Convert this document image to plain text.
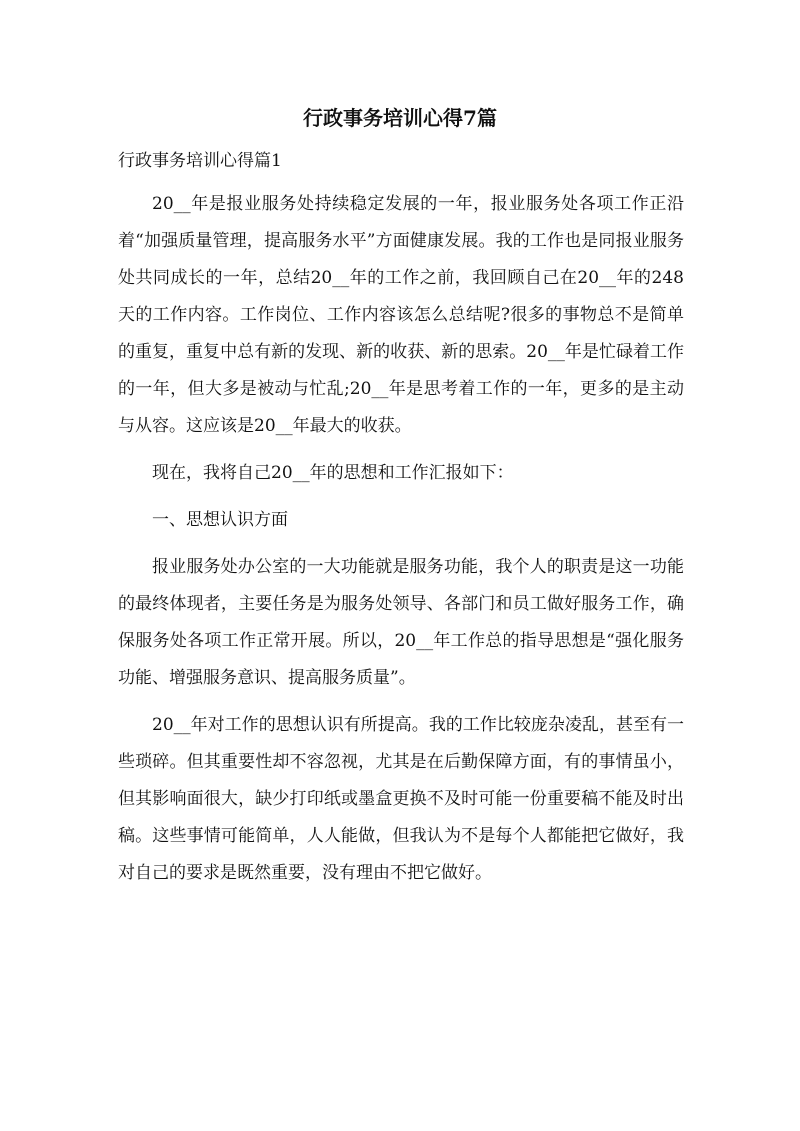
行政事务培训心得7篇

行政事务培训心得篇1

20__年是报业服务处持续稳定发展的一年，报业服务处各项工作正沿着“加强质量管理，提高服务水平”方面健康发展。我的工作也是同报业服务处共同成长的一年，总结20__年的工作之前，我回顾自己在20__年的248天的工作内容。工作岗位、工作内容该怎么总结呢?很多的事物总不是简单的重复，重复中总有新的发现、新的收获、新的思索。20__年是忙碌着工作的一年，但大多是被动与忙乱;20__年是思考着工作的一年，更多的是主动与从容。这应该是20__年最大的收获。

现在，我将自己20__年的思想和工作汇报如下：

一、思想认识方面

报业服务处办公室的一大功能就是服务功能，我个人的职责是这一功能的最终体现者，主要任务是为服务处领导、各部门和员工做好服务工作，确保服务处各项工作正常开展。所以，20__年工作总的指导思想是“强化服务功能、增强服务意识、提高服务质量”。

20__年对工作的思想认识有所提高。我的工作比较庞杂凌乱，甚至有一些琐碎。但其重要性却不容忽视，尤其是在后勤保障方面，有的事情虽小，但其影响面很大，缺少打印纸或墨盒更换不及时可能一份重要稿不能及时出稿。这些事情可能简单，人人能做，但我认为不是每个人都能把它做好，我对自己的要求是既然重要，没有理由不把它做好。
